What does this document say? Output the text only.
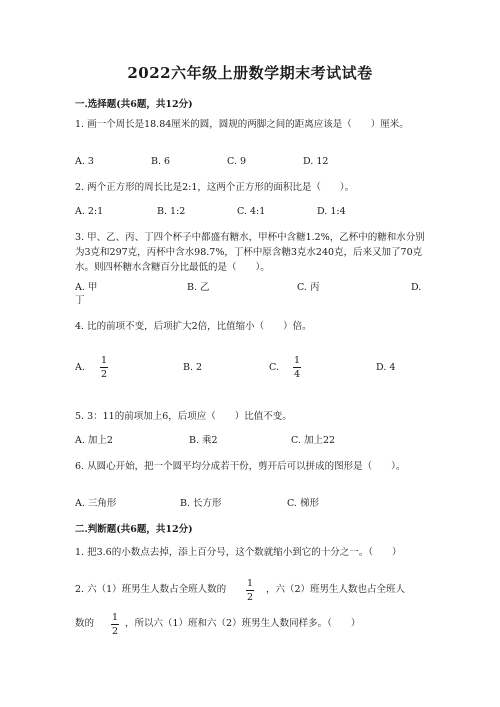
2022六年级上册数学期末考试试卷
一.选择题(共6题，共12分)
1. 画一个周长是18.84厘米的圆，圆规的两脚之间的距离应该是（　　）厘米。
A. 3	B. 6	C. 9	D. 12
2. 两个正方形的周长比是2:1，这两个正方形的面积比是（　　）。
A. 2:1	B. 1:2	C. 4:1	D. 1:4
3. 甲、乙、丙、丁四个杯子中都盛有糖水，甲杯中含糖1.2%，乙杯中的糖和水分别为3克和297克，丙杯中含水98.7%，丁杯中原含糖3克水240克，后来又加了70克水。则四杯糖水含糖百分比最低的是（　　）。
A. 甲	B. 乙	C. 丙	D.
丁
4. 比的前项不变，后项扩大2倍，比值缩小（　　）倍。
A.
1
2
B. 2	C.
1
4
D. 4
5. 3：11的前项加上6，后项应（　　）比值不变。
A. 加上2	B. 乘2	C. 加上22
6. 从圆心开始，把一个圆平均分成若干份，剪开后可以拼成的图形是（　　）。
A. 三角形	B. 长方形	C. 梯形
二.判断题(共6题，共12分)
1. 把3.6的小数点去掉，添上百分号，这个数就缩小到它的十分之一。（　　）
2. 六（1）班男生人数占全班人数的
1
2
，六（2）班男生人数也占全班人
数的
1
2
，所以六（1）班和六（2）班男生人数同样多。（　　）
